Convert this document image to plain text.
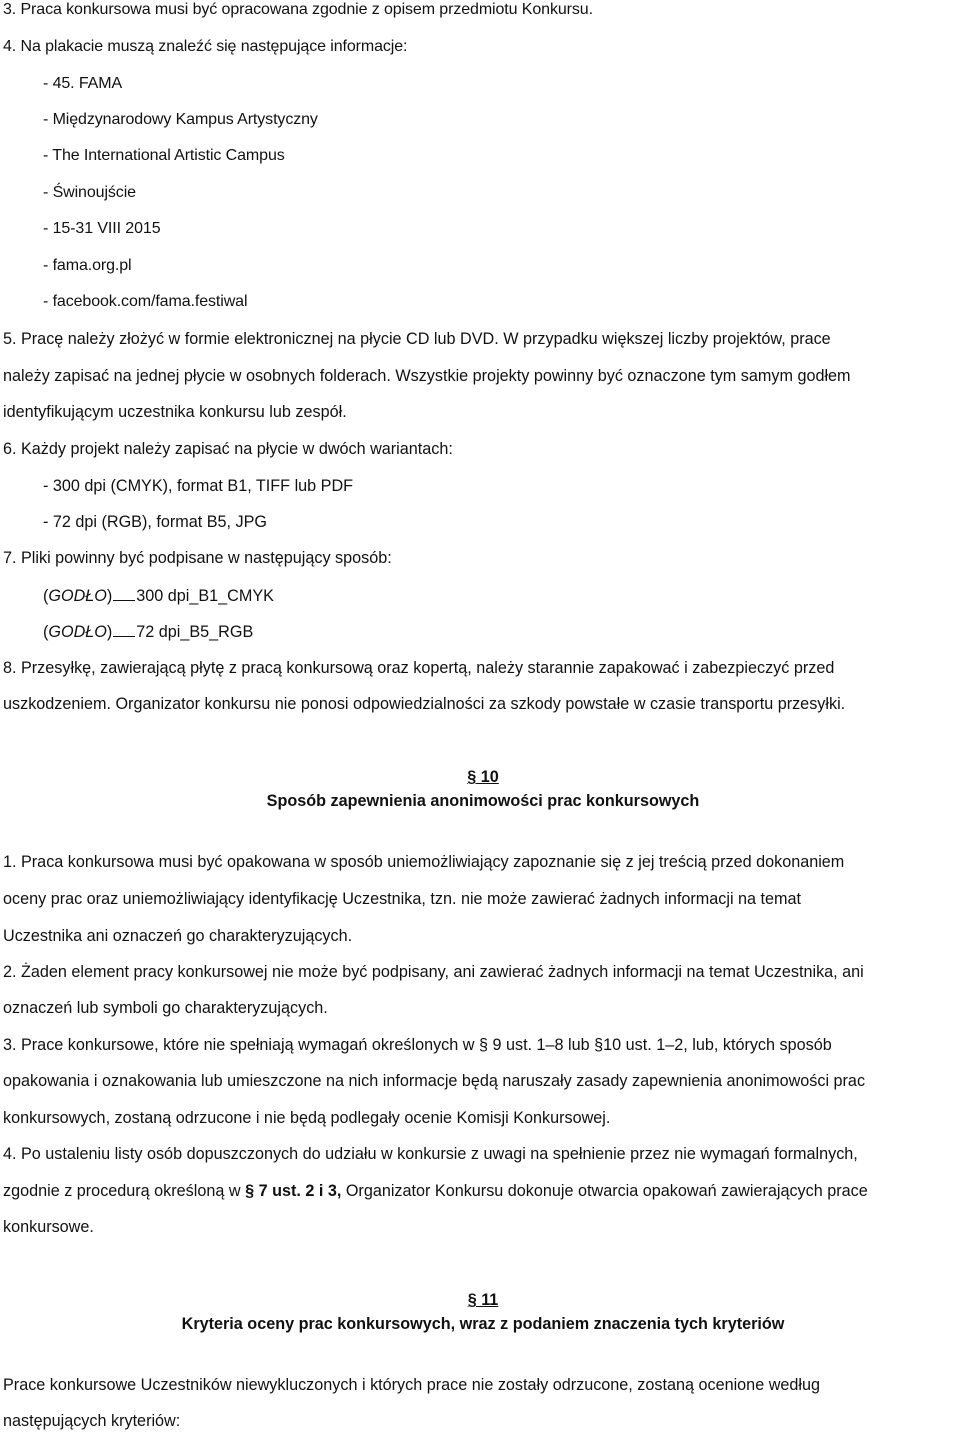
3. Praca konkursowa musi być opracowana zgodnie z opisem przedmiotu Konkursu.
4. Na plakacie muszą znaleźć się następujące informacje:
- 45. FAMA
- Międzynarodowy Kampus Artystyczny
- The International Artistic Campus
- Świnoujście
- 15-31 VIII 2015
- fama.org.pl
- facebook.com/fama.festiwal
5. Pracę należy złożyć w formie elektronicznej na płycie CD lub DVD. W przypadku większej liczby projektów, prace
należy zapisać na jednej płycie w osobnych folderach. Wszystkie projekty powinny być oznaczone tym samym godłem
identyfikującym uczestnika konkursu lub zespół.
6. Każdy projekt należy zapisać na płycie w dwóch wariantach:
- 300 dpi (CMYK), format B1, TIFF lub PDF
- 72 dpi (RGB), format B5, JPG
7. Pliki powinny być podpisane w następujący sposób:
(GODŁO) 300 dpi_B1_CMYK
(GODŁO) 72 dpi_B5_RGB
8. Przesyłkę, zawierającą płytę z pracą konkursową oraz kopertą, należy starannie zapakować i zabezpieczyć przed
uszkodzeniem. Organizator konkursu nie ponosi odpowiedzialności za szkody powstałe w czasie transportu przesyłki.
§ 10
Sposób zapewnienia anonimowości prac konkursowych
1. Praca konkursowa musi być opakowana w sposób uniemożliwiający zapoznanie się z jej treścią przed dokonaniem
oceny prac oraz uniemożliwiający identyfikację Uczestnika, tzn. nie może zawierać żadnych informacji na temat
Uczestnika ani oznaczeń go charakteryzujących.
2. Żaden element pracy konkursowej nie może być podpisany, ani zawierać żadnych informacji na temat Uczestnika, ani
oznaczeń lub symboli go charakteryzujących.
3. Prace konkursowe, które nie spełniają wymagań określonych w § 9 ust. 1–8 lub §10 ust. 1–2, lub, których sposób
opakowania i oznakowania lub umieszczone na nich informacje będą naruszały zasady zapewnienia anonimowości prac
konkursowych, zostaną odrzucone i nie będą podlegały ocenie Komisji Konkursowej.
4. Po ustaleniu listy osób dopuszczonych do udziału w konkursie z uwagi na spełnienie przez nie wymagań formalnych,
zgodnie z procedurą określoną w § 7 ust. 2 i 3, Organizator Konkursu dokonuje otwarcia opakowań zawierających prace
konkursowe.
§ 11
Kryteria oceny prac konkursowych, wraz z podaniem znaczenia tych kryteriów
Prace konkursowe Uczestników niewykluczonych i których prace nie zostały odrzucone, zostaną ocenione według
następujących kryteriów:
